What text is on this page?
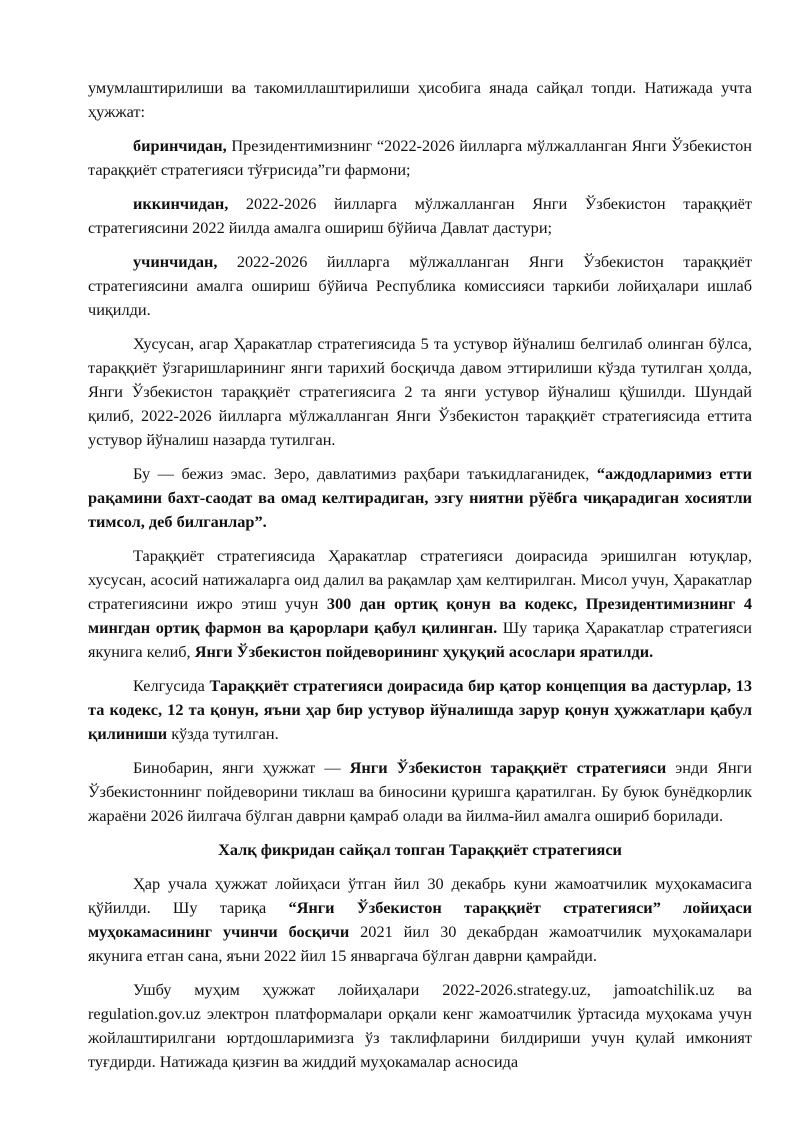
умумлаштирилиши ва такомиллаштирилиши ҳисобига янада сайқал топди. Натижада учта ҳужжат:

биринчидан, Президентимизнинг “2022-2026 йилларга мўлжалланган Янги Ўзбекистон тараққиёт стратегияси тўғрисида”ги фармони;

иккинчидан, 2022-2026 йилларга мўлжалланган Янги Ўзбекистон тараққиёт стратегиясини 2022 йилда амалга ошириш бўйича Давлат дастури;

учинчидан, 2022-2026 йилларга мўлжалланган Янги Ўзбекистон тараққиёт стратегиясини амалга ошириш бўйича Республика комиссияси таркиби лойиҳалари ишлаб чиқилди.

Хусусан, агар Ҳаракатлар стратегиясида 5 та устувор йўналиш белгилаб олинган бўлса, тараққиёт ўзгаришларининг янги тарихий босқичда давом эттирилиши кўзда тутилган ҳолда, Янги Ўзбекистон тараққиёт стратегиясига 2 та янги устувор йўналиш қўшилди. Шундай қилиб, 2022-2026 йилларга мўлжалланган Янги Ўзбекистон тараққиёт стратегиясида еттита устувор йўналиш назарда тутилган.

Бу — бежиз эмас. Зеро, давлатимиз раҳбари таъкидлаганидек, “аждодларимиз етти рақамини бахт-саодат ва омад келтирадиган, эзгу ниятни рўёбга чиқарадиган хосиятли тимсол, деб билганлар”.

Тараққиёт стратегиясида Ҳаракатлар стратегияси доирасида эришилган ютуқлар, хусусан, асосий натижаларга оид далил ва рақамлар ҳам келтирилган. Мисол учун, Ҳаракатлар стратегиясини ижро этиш учун 300 дан ортиқ қонун ва кодекс, Президентимизнинг 4 мингдан ортиқ фармон ва қарорлари қабул қилинган. Шу тариқа Ҳаракатлар стратегияси якунига келиб, Янги Ўзбекистон пойдеворининг ҳуқуқий асослари яратилди.

Келгусида Тараққиёт стратегияси доирасида бир қатор концепция ва дастурлар, 13 та кодекс, 12 та қонун, яъни ҳар бир устувор йўналишда зарур қонун ҳужжатлари қабул қилиниши кўзда тутилган.

Бинобарин, янги ҳужжат — Янги Ўзбекистон тараққиёт стратегияси энди Янги Ўзбекистоннинг пойдеворини тиклаш ва биносини қуришга қаратилган. Бу буюк бунёдкорлик жараёни 2026 йилгача бўлган даврни қамраб олади ва йилма-йил амалга ошириб борилади.

Халқ фикридан сайқал топган Тараққиёт стратегияси

Ҳар учала ҳужжат лойиҳаси ўтган йил 30 декабрь куни жамоатчилик муҳокамасига қўйилди. Шу тариқа “Янги Ўзбекистон тараққиёт стратегияси” лойиҳаси муҳокамасининг учинчи босқичи 2021 йил 30 декабрдан жамоатчилик муҳокамалари якунига етган сана, яъни 2022 йил 15 январгача бўлган даврни қамрайди.

Ушбу муҳим ҳужжат лойиҳалари 2022-2026.strategy.uz, jamoatchilik.uz ва regulation.gov.uz электрон платформалари орқали кенг жамоатчилик ўртасида муҳокама учун жойлаштирилгани юртдошларимизга ўз таклифларини билдириши учун қулай имконият туғдирди. Натижада қизғин ва жиддий муҳокамалар асносида
